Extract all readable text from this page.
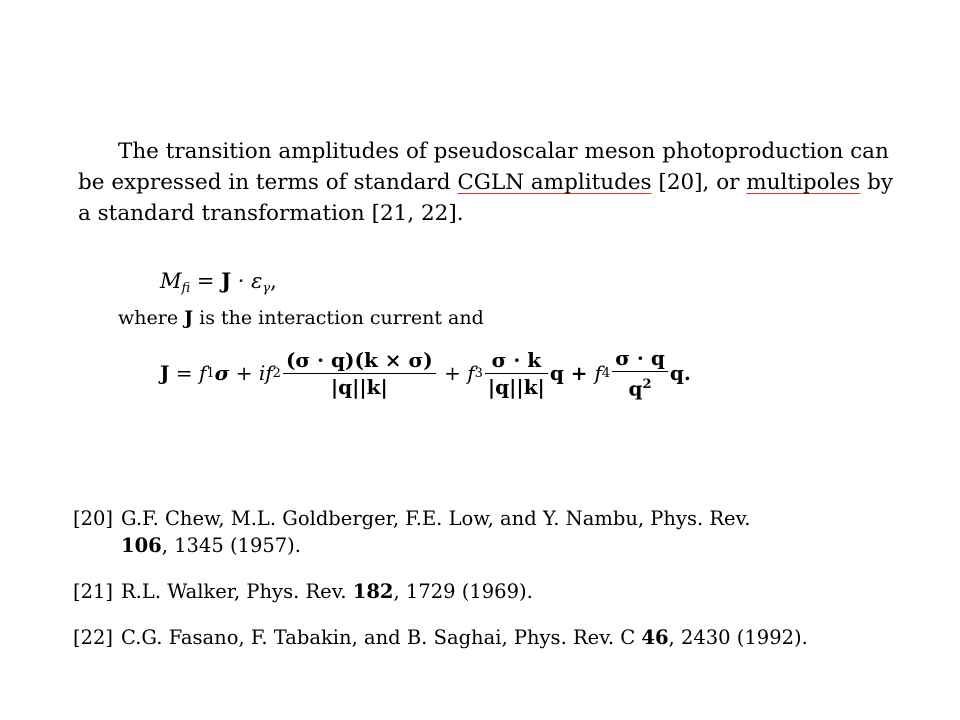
The transition amplitudes of pseudoscalar meson photoproduction can
be expressed in terms of standard CGLN amplitudes [20], or multipoles by
a standard transformation [21, 22].
$M_{fi} = J \cdot \varepsilon_\gamma$,
where J is the interaction current and
J = f 1 σ + i f $2 \frac{(\sigma \cdot q)(k \times \sigma)}{|q||k|} + f$ $3 \frac{\sigma \cdot k}{|q||k|}$ q + f $4 \frac{\sigma \cdot q}{q^2} q$.
[20] G.F. Chew, M.L. Goldberger, F.E. Low, and Y. Nambu, Phys. Rev.
106, 1345 (1957).
[21] R.L. Walker, Phys. Rev. 182, 1729 (1969).
[22] C.G. Fasano, F. Tabakin, and B. Saghai, Phys. Rev. C 46, 2430 (1992).
